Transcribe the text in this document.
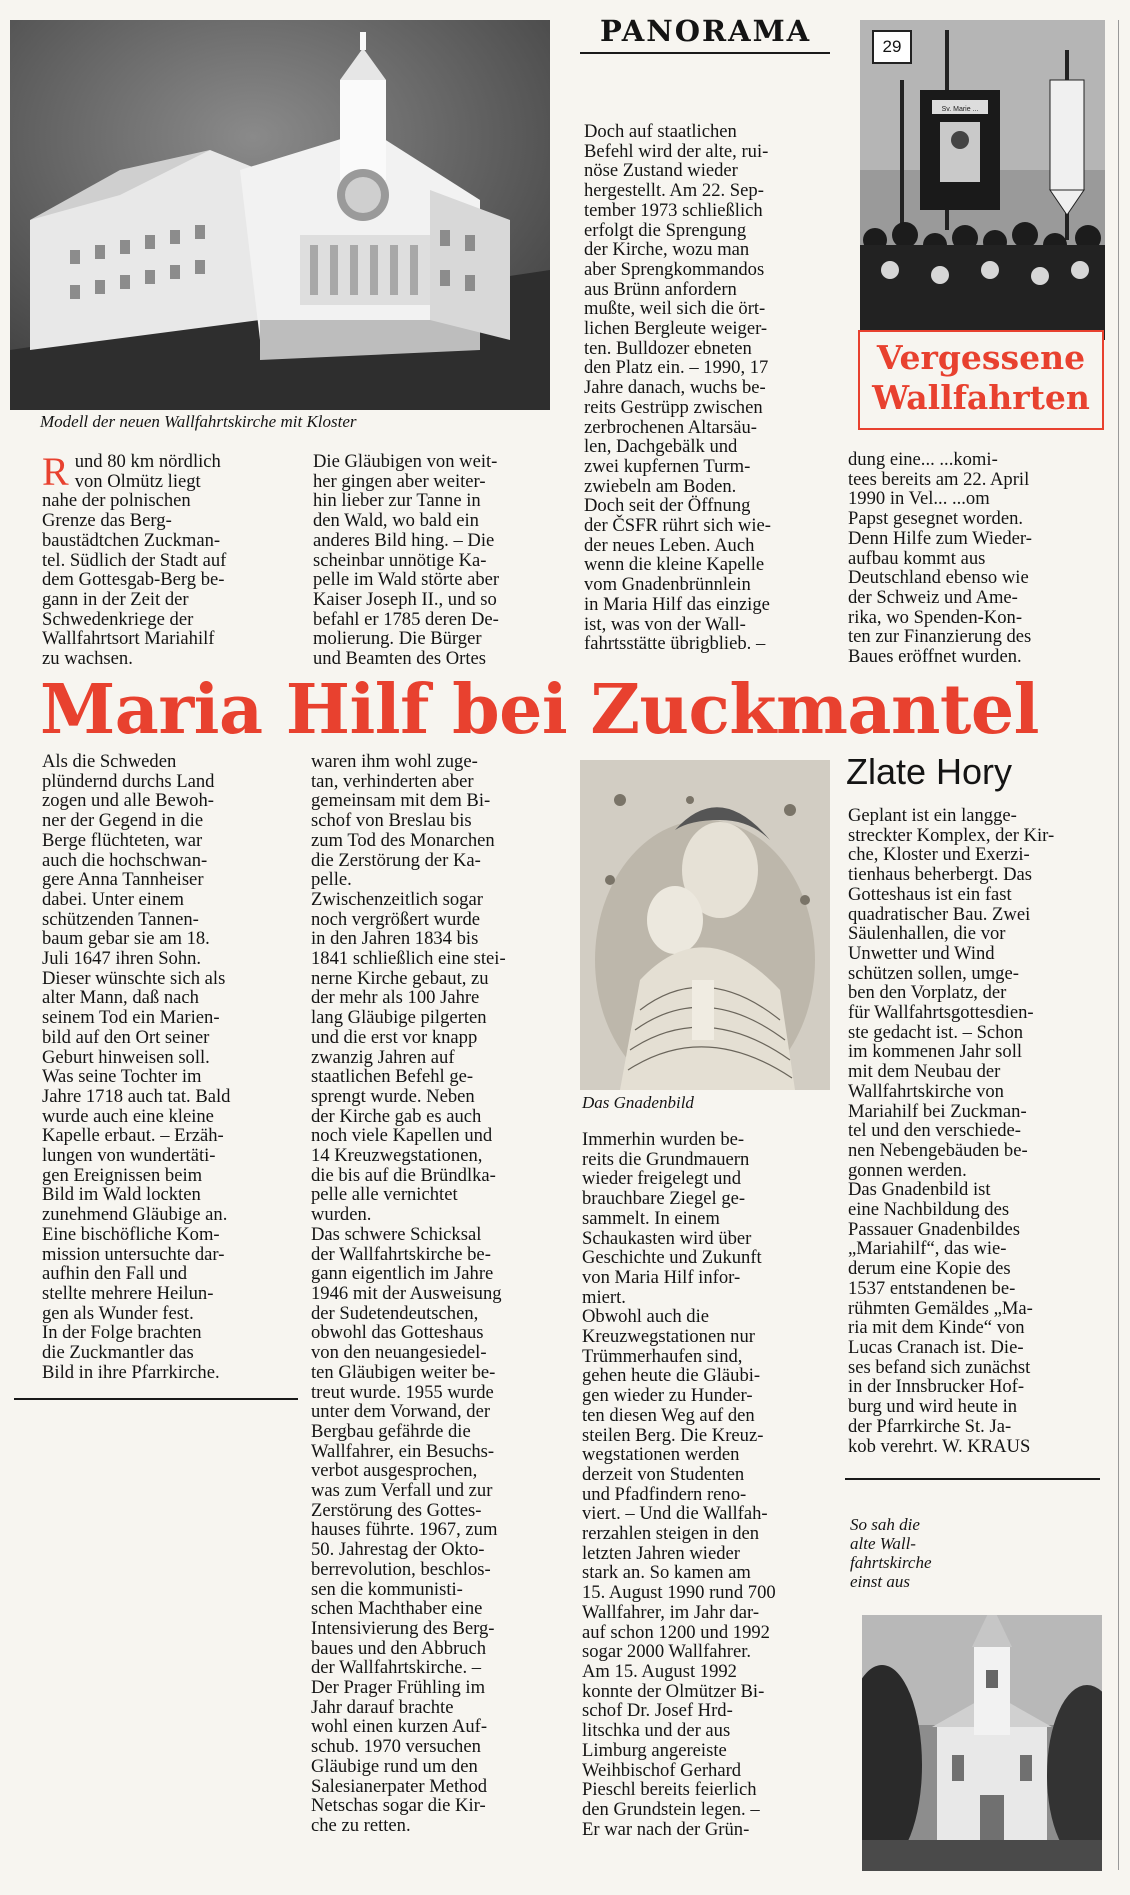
Modell der neuen Wallfahrtskirche mit Kloster
PANORAMA	29
Sv. Marie ...
Vergessene
Wallfahrten
Rund 80 km nördlich
von Olmütz liegt
nahe der polnischen
Grenze das Berg-
baustädtchen Zuckman-
tel. Südlich der Stadt auf
dem Gottesgab-Berg be-
gann in der Zeit der
Schwedenkriege der
Wallfahrtsort Mariahilf
zu wachsen.
Die Gläubigen von weit-
her gingen aber weiter-
hin lieber zur Tanne in
den Wald, wo bald ein
anderes Bild hing. – Die
scheinbar unnötige Ka-
pelle im Wald störte aber
Kaiser Joseph II., und so
befahl er 1785 deren De-
molierung. Die Bürger
und Beamten des Ortes
Doch auf staatlichen
Befehl wird der alte, rui-
nöse Zustand wieder
hergestellt. Am 22. Sep-
tember 1973 schließlich
erfolgt die Sprengung
der Kirche, wozu man
aber Sprengkommandos
aus Brünn anfordern
mußte, weil sich die ört-
lichen Bergleute weiger-
ten. Bulldozer ebneten
den Platz ein. – 1990, 17
Jahre danach, wuchs be-
reits Gestrüpp zwischen
zerbrochenen Altarsäu-
len, Dachgebälk und
zwei kupfernen Turm-
zwiebeln am Boden.
Doch seit der Öffnung
der ČSFR rührt sich wie-
der neues Leben. Auch
wenn die kleine Kapelle
vom Gnadenbrünnlein
in Maria Hilf das einzige
ist, was von der Wall-
fahrtsstätte übrigblieb. –
dung eine... ...komi-
tees bereits am 22. April
1990 in Vel... ...om
Papst gesegnet worden.
Denn Hilfe zum Wieder-
aufbau kommt aus
Deutschland ebenso wie
der Schweiz und Ame-
rika, wo Spenden-Kon-
ten zur Finanzierung des
Baues eröffnet wurden.
Maria Hilf bei Zuckmantel
Als die Schweden
plündernd durchs Land
zogen und alle Bewoh-
ner der Gegend in die
Berge flüchteten, war
auch die hochschwan-
gere Anna Tannheiser
dabei. Unter einem
schützenden Tannen-
baum gebar sie am 18.
Juli 1647 ihren Sohn.
Dieser wünschte sich als
alter Mann, daß nach
seinem Tod ein Marien-
bild auf den Ort seiner
Geburt hinweisen soll.
Was seine Tochter im
Jahre 1718 auch tat. Bald
wurde auch eine kleine
Kapelle erbaut. – Erzäh-
lungen von wundertäti-
gen Ereignissen beim
Bild im Wald lockten
zunehmend Gläubige an.
Eine bischöfliche Kom-
mission untersuchte dar-
aufhin den Fall und
stellte mehrere Heilun-
gen als Wunder fest.
In der Folge brachten
die Zuckmantler das
Bild in ihre Pfarrkirche.
waren ihm wohl zuge-
tan, verhinderten aber
gemeinsam mit dem Bi-
schof von Breslau bis
zum Tod des Monarchen
die Zerstörung der Ka-
pelle.
Zwischenzeitlich sogar
noch vergrößert wurde
in den Jahren 1834 bis
1841 schließlich eine stei-
nerne Kirche gebaut, zu
der mehr als 100 Jahre
lang Gläubige pilgerten
und die erst vor knapp
zwanzig Jahren auf
staatlichen Befehl ge-
sprengt wurde. Neben
der Kirche gab es auch
noch viele Kapellen und
14 Kreuzwegstationen,
die bis auf die Bründlka-
pelle alle vernichtet
wurden.
Das schwere Schicksal
der Wallfahrtskirche be-
gann eigentlich im Jahre
1946 mit der Ausweisung
der Sudetendeutschen,
obwohl das Gotteshaus
von den neuangesiedel-
ten Gläubigen weiter be-
treut wurde. 1955 wurde
unter dem Vorwand, der
Bergbau gefährde die
Wallfahrer, ein Besuchs-
verbot ausgesprochen,
was zum Verfall und zur
Zerstörung des Gottes-
hauses führte. 1967, zum
50. Jahrestag der Okto-
berrevolution, beschlos-
sen die kommunisti-
schen Machthaber eine
Intensivierung des Berg-
baues und den Abbruch
der Wallfahrtskirche. –
Der Prager Frühling im
Jahr darauf brachte
wohl einen kurzen Auf-
schub. 1970 versuchen
Gläubige rund um den
Salesianerpater Method
Netschas sogar die Kir-
che zu retten.
Das Gnadenbild
Immerhin wurden be-
reits die Grundmauern
wieder freigelegt und
brauchbare Ziegel ge-
sammelt. In einem
Schaukasten wird über
Geschichte und Zukunft
von Maria Hilf infor-
miert.
Obwohl auch die
Kreuzwegstationen nur
Trümmerhaufen sind,
gehen heute die Gläubi-
gen wieder zu Hunder-
ten diesen Weg auf den
steilen Berg. Die Kreuz-
wegstationen werden
derzeit von Studenten
und Pfadfindern reno-
viert. – Und die Wallfah-
rerzahlen steigen in den
letzten Jahren wieder
stark an. So kamen am
15. August 1990 rund 700
Wallfahrer, im Jahr dar-
auf schon 1200 und 1992
sogar 2000 Wallfahrer.
Am 15. August 1992
konnte der Olmützer Bi-
schof Dr. Josef Hrd-
litschka und der aus
Limburg angereiste
Weihbischof Gerhard
Pieschl bereits feierlich
den Grundstein legen. –
Er war nach der Grün-
Zlate Hory
Geplant ist ein langge-
streckter Komplex, der Kir-
che, Kloster und Exerzi-
tienhaus beherbergt. Das
Gotteshaus ist ein fast
quadratischer Bau. Zwei
Säulenhallen, die vor
Unwetter und Wind
schützen sollen, umge-
ben den Vorplatz, der
für Wallfahrtsgottesdien-
ste gedacht ist. – Schon
im kommenen Jahr soll
mit dem Neubau der
Wallfahrtskirche von
Mariahilf bei Zuckman-
tel und den verschiede-
nen Nebengebäuden be-
gonnen werden.
Das Gnadenbild ist
eine Nachbildung des
Passauer Gnadenbildes
„Mariahilf“, das wie-
derum eine Kopie des
1537 entstandenen be-
rühmten Gemäldes „Ma-
ria mit dem Kinde“ von
Lucas Cranach ist. Die-
ses befand sich zunächst
in der Innsbrucker Hof-
burg und wird heute in
der Pfarrkirche St. Ja-
kob verehrt. W. KRAUS
So sah die
alte Wall-
fahrtskirche
einst aus
